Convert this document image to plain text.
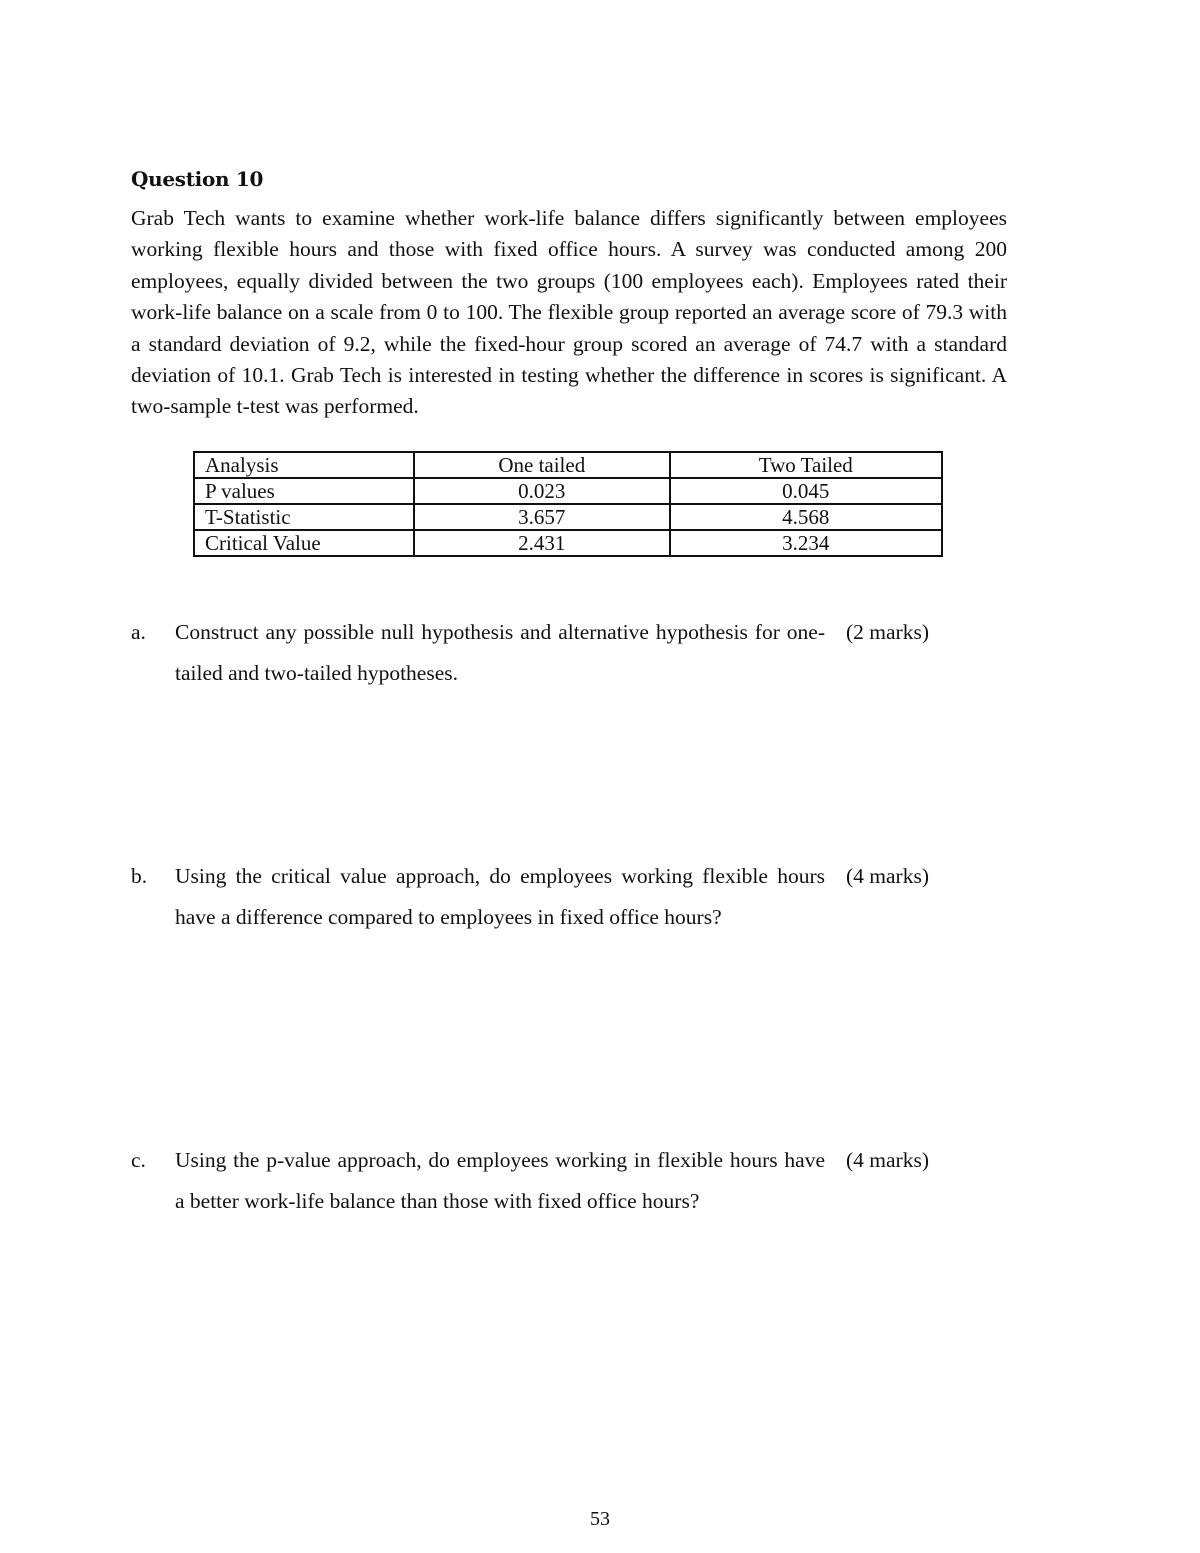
Question 10

Grab Tech wants to examine whether work-life balance differs significantly between employees working flexible hours and those with fixed office hours. A survey was conducted among 200 employees, equally divided between the two groups (100 employees each). Employees rated their work-life balance on a scale from 0 to 100. The flexible group reported an average score of 79.3 with a standard deviation of 9.2, while the fixed-hour group scored an average of 74.7 with a standard deviation of 10.1. Grab Tech is interested in testing whether the difference in scores is significant. A two-sample t-test was performed.

Analysis	One tailed	Two Tailed
P values	0.023	0.045
T-Statistic	3.657	4.568
Critical Value	2.431	3.234
a. Construct any possible null hypothesis and alternative hypothesis for one-tailed and two-tailed hypotheses.
(2 marks)
b. Using the critical value approach, do employees working flexible hours have a difference compared to employees in fixed office hours?
(4 marks)
c. Using the p-value approach, do employees working in flexible hours have a better work-life balance than those with fixed office hours?
(4 marks)
53
